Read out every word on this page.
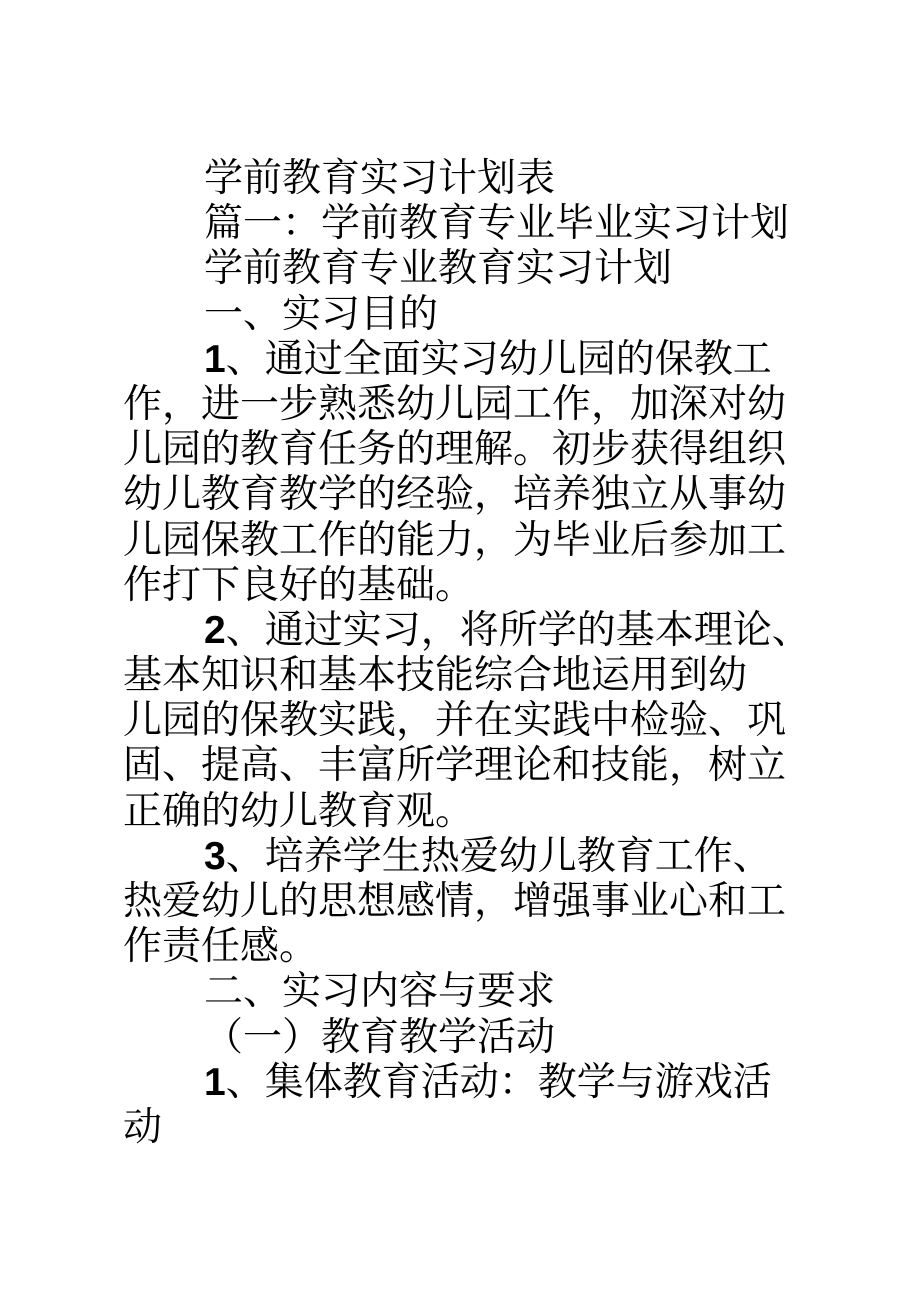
学前教育实习计划表
篇一：学前教育专业毕业实习计划
学前教育专业教育实习计划
一、实习目的
1、通过全面实习幼儿园的保教工
作，进一步熟悉幼儿园工作，加深对幼
儿园的教育任务的理解。初步获得组织
幼儿教育教学的经验，培养独立从事幼
儿园保教工作的能力，为毕业后参加工
作打下良好的基础。
2、通过实习，将所学的基本理论、
基本知识和基本技能综合地运用到幼
儿园的保教实践，并在实践中检验、巩
固、提高、丰富所学理论和技能，树立
正确的幼儿教育观。
3、培养学生热爱幼儿教育工作、
热爱幼儿的思想感情，增强事业心和工
作责任感。
二、实习内容与要求
（一）教育教学活动
1、集体教育活动：教学与游戏活
动
